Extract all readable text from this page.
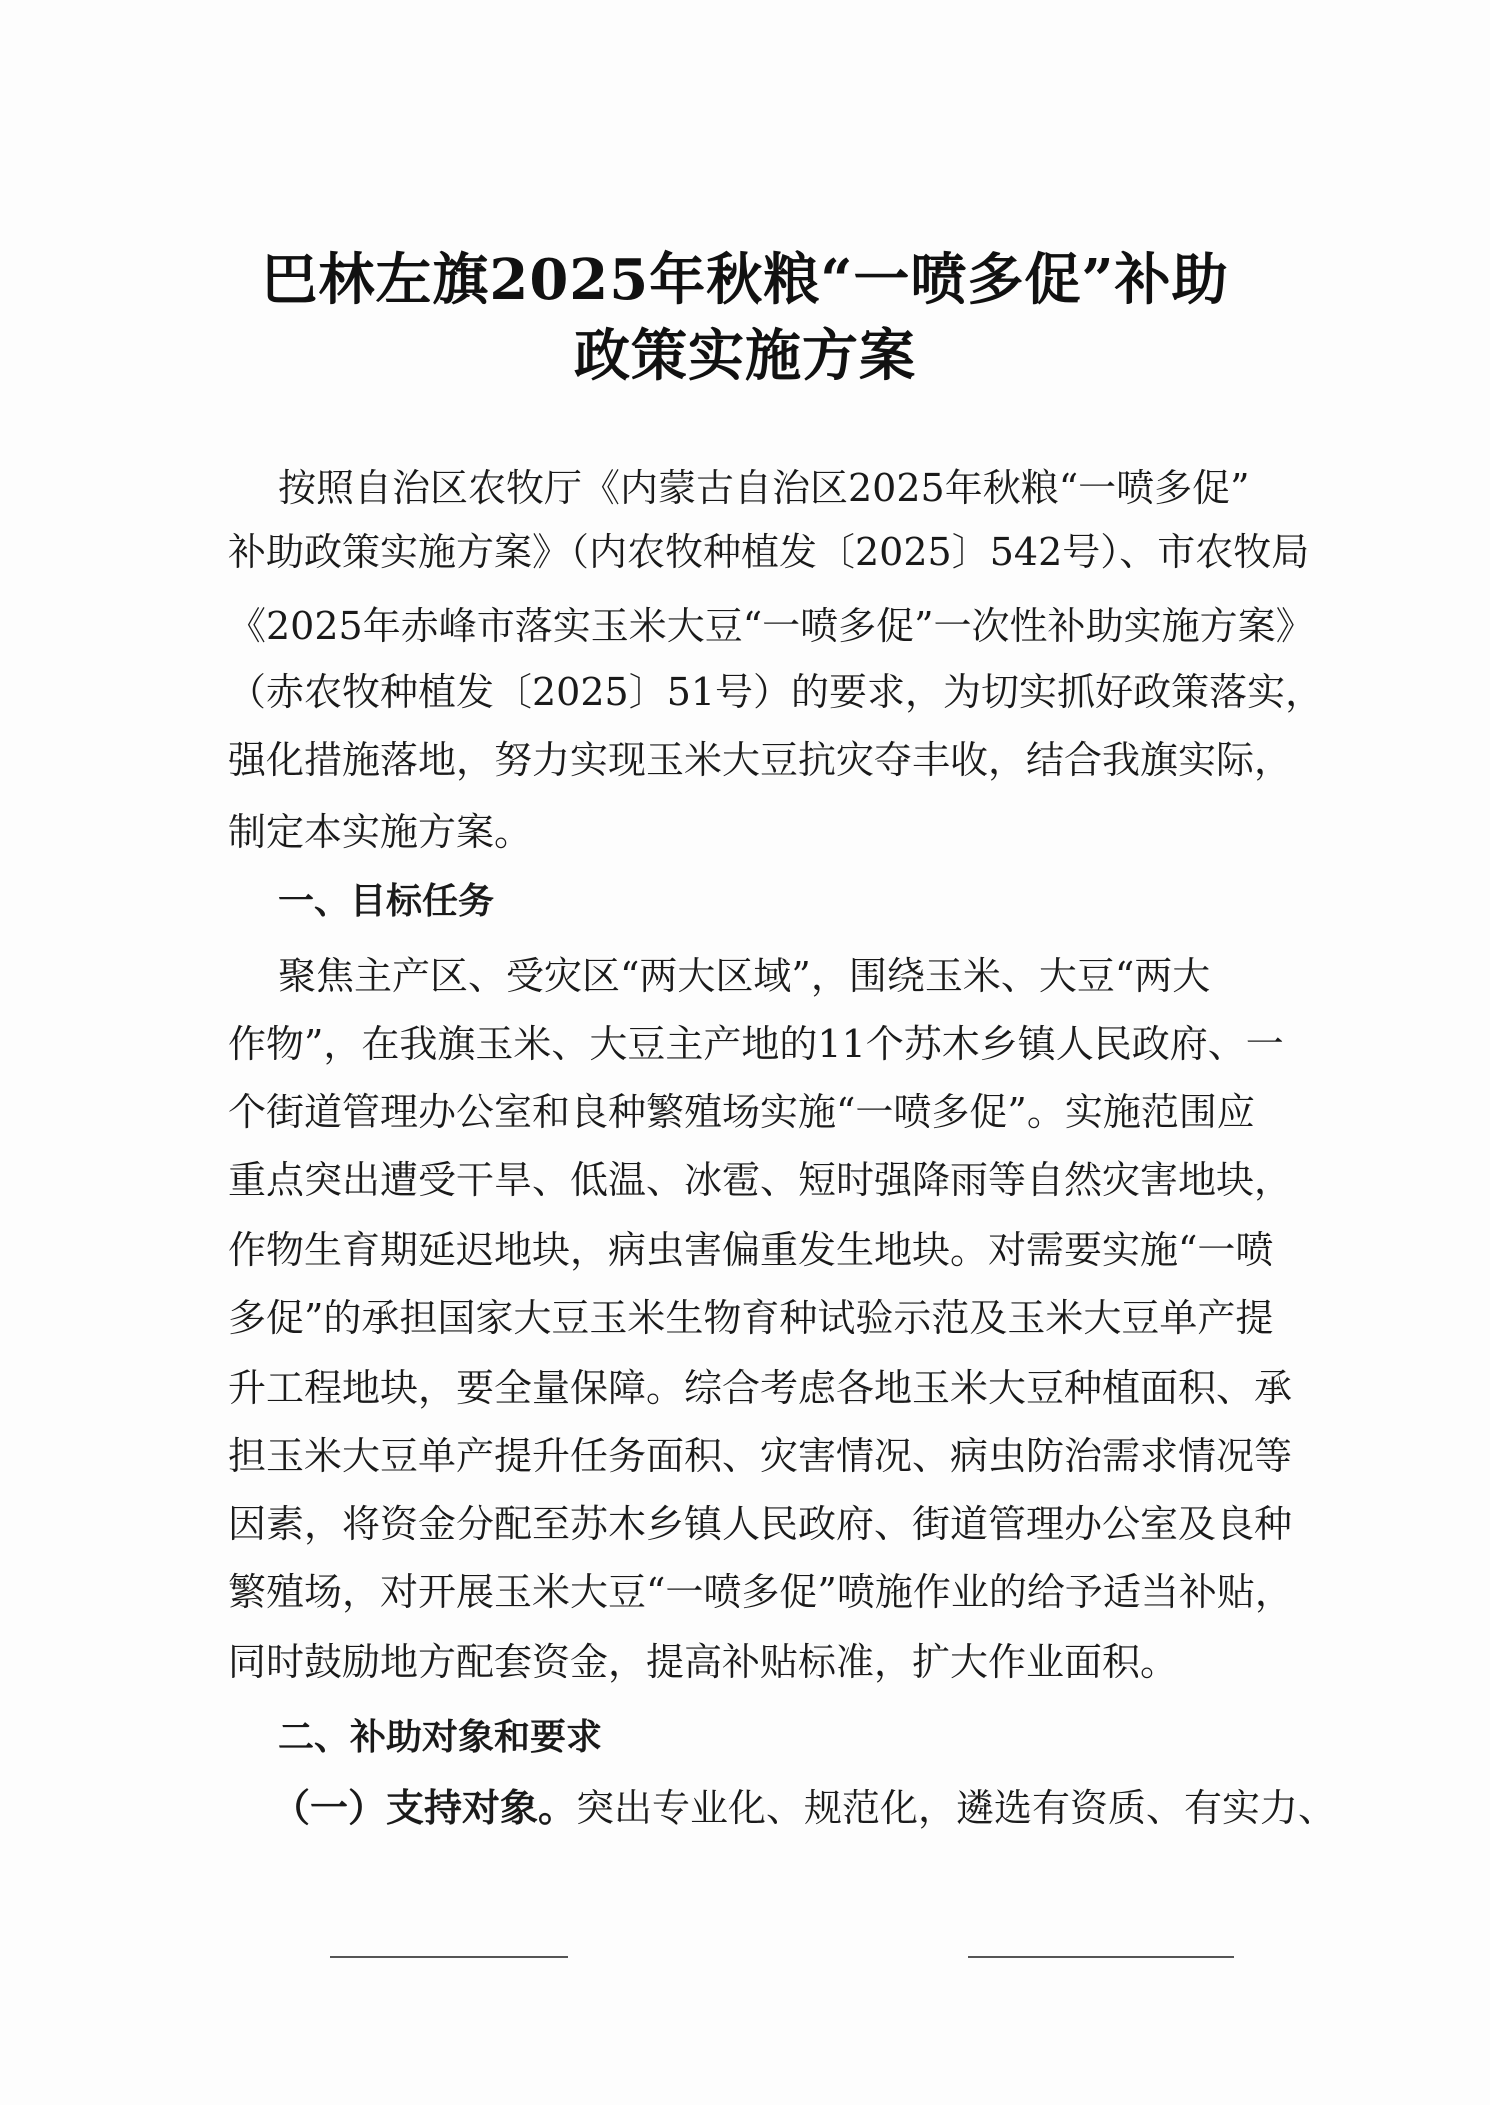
巴林左旗2025年秋粮“一喷多促”补助
政策实施方案
按照自治区农牧厅《内蒙古自治区2025年秋粮“一喷多促”
补助政策实施方案》（内农牧种植发〔2025〕542号）、市农牧局
《2025年赤峰市落实玉米大豆“一喷多促”一次性补助实施方案》
（赤农牧种植发〔2025〕51号）的要求，为切实抓好政策落实，
强化措施落地，努力实现玉米大豆抗灾夺丰收，结合我旗实际，
制定本实施方案。
一、目标任务
聚焦主产区、受灾区“两大区域”，围绕玉米、大豆“两大
作物”，在我旗玉米、大豆主产地的11个苏木乡镇人民政府、一
个街道管理办公室和良种繁殖场实施“一喷多促”。实施范围应
重点突出遭受干旱、低温、冰雹、短时强降雨等自然灾害地块，
作物生育期延迟地块，病虫害偏重发生地块。对需要实施“一喷
多促”的承担国家大豆玉米生物育种试验示范及玉米大豆单产提
升工程地块，要全量保障。综合考虑各地玉米大豆种植面积、承
担玉米大豆单产提升任务面积、灾害情况、病虫防治需求情况等
因素，将资金分配至苏木乡镇人民政府、街道管理办公室及良种
繁殖场，对开展玉米大豆“一喷多促”喷施作业的给予适当补贴，
同时鼓励地方配套资金，提高补贴标准，扩大作业面积。
二、补助对象和要求
（一）支持对象。突出专业化、规范化，遴选有资质、有实力、
